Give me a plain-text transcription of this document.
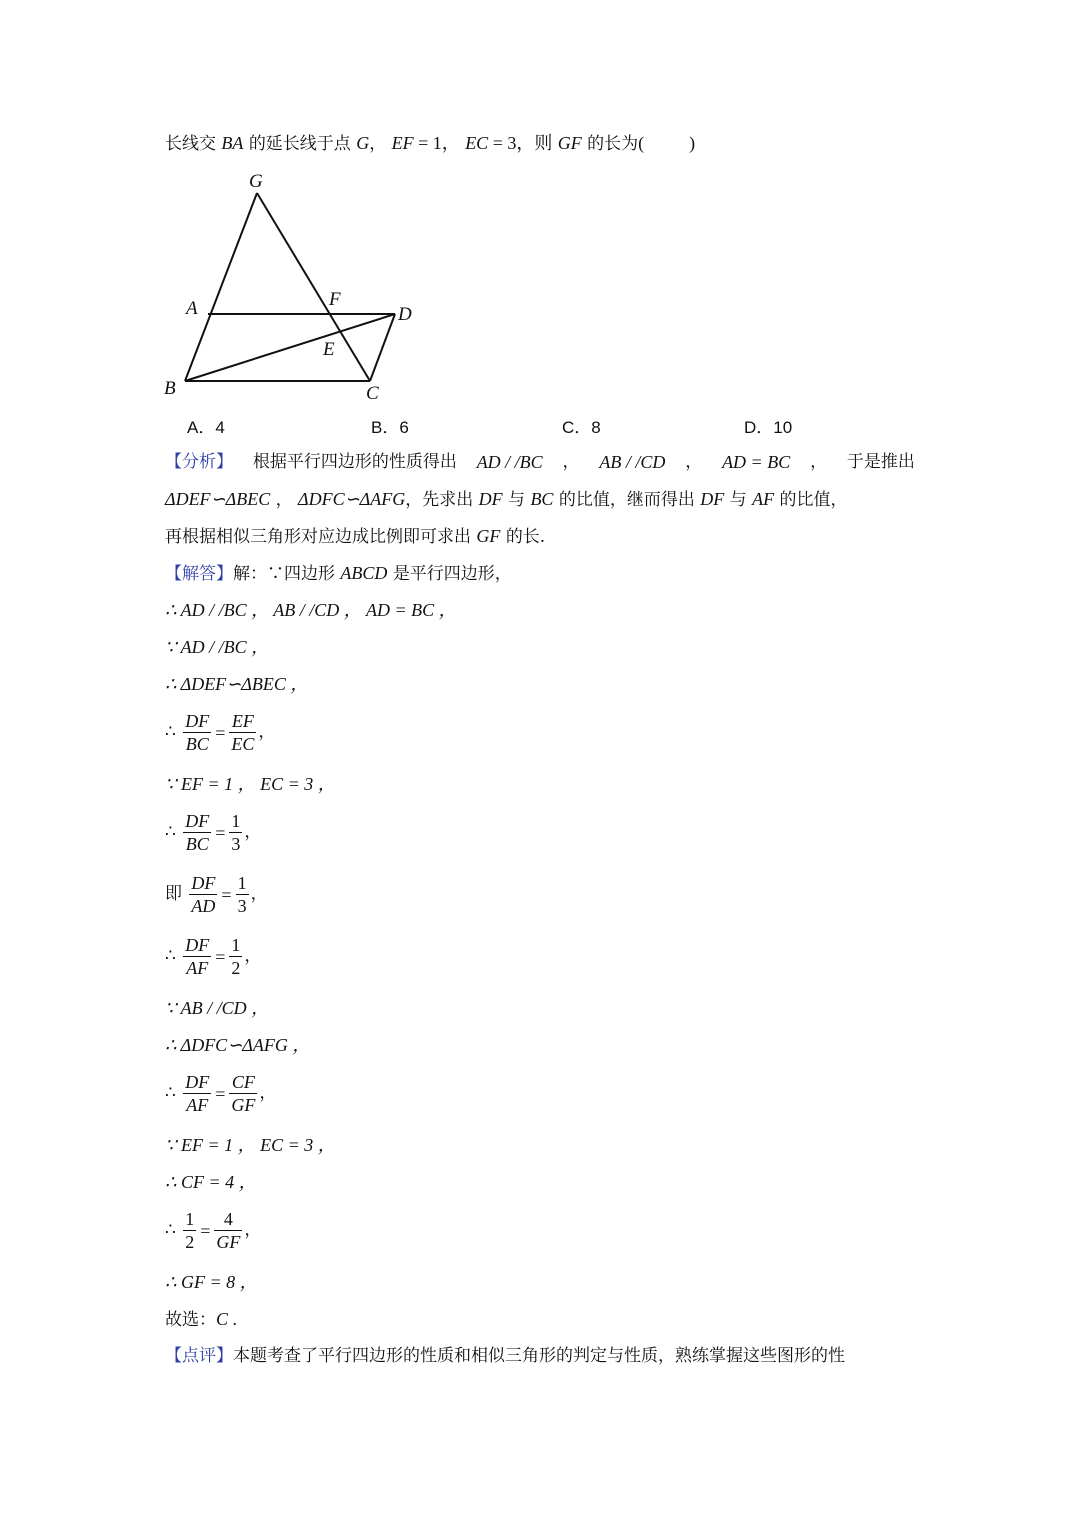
长线交 BA 的延长线于点 G， EF = 1， EC = 3，则 GF 的长为(          )
G
A	F
D
E
B	C
A．4	B．6	C．8	D．10
【分析】 根据平行四边形的性质得出 AD / /BC ， AB / /CD ， AD = BC ， 于是推出
ΔDEF∽ΔBEC ， ΔDFC∽ΔAFG，先求出 DF 与 BC 的比值，继而得出 DF 与 AF 的比值，
再根据相似三角形对应边成比例即可求出 GF 的长.
【解答】解：∵四边形 ABCD 是平行四边形，
∴ AD / /BC ， AB / /CD ， AD = BC ，
∵ AD / /BC ，
∴ ΔDEF∽ΔBEC ，
∴ $\frac{DF}{BC} = \frac{EF}{EC}$ ，
∵ EF = 1 ， EC = 3 ，
∴ $\frac{DF}{BC} = \frac{1}{3}$ ，
即 $\frac{DF}{AD} = \frac{1}{3}$ ，
∴ $\frac{DF}{AF} = \frac{1}{2}$ ，
∵ AB / /CD ，
∴ ΔDFC∽ΔAFG ，
∴ $\frac{DF}{AF} = \frac{CF}{GF}$ ，
∵ EF = 1 ， EC = 3 ，
∴ CF = 4 ，
∴ $\frac{1}{2} = \frac{4}{GF}$ ，
∴ GF = 8 ，
故选：C .
【点评】本题考查了平行四边形的性质和相似三角形的判定与性质，熟练掌握这些图形的性
